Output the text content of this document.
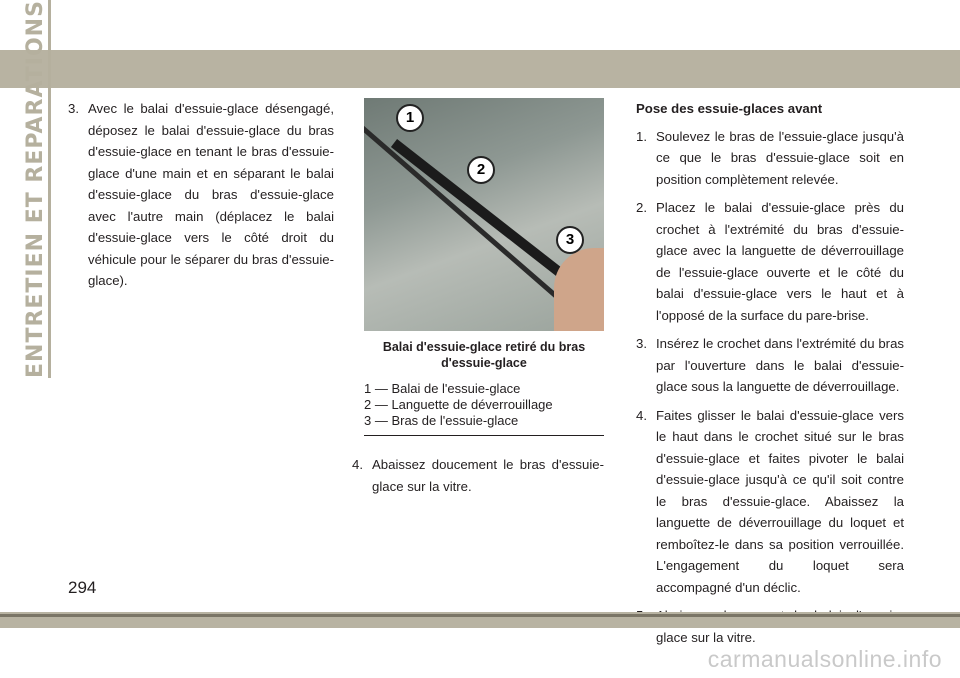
ENTRETIEN ET REPARATIONS 3. Avec le balai d'essuie-glace désengagé, déposez le balai d'essuie-glace du bras d'essuie-glace en tenant le bras d'essuie-glace d'une main et en séparant le balai d'essuie-glace du bras d'essuie-glace avec l'autre main (déplacez le balai d'essuie-glace vers le côté droit du véhicule pour le séparer du bras d'essuie-glace).
1
2
3
Balai d'essuie-glace retiré du bras d'essuie-glace
1 — Balai de l'essuie-glace
2 — Languette de déverrouillage
3 — Bras de l'essuie-glace
4. Abaissez doucement le bras d'essuie-glace sur la vitre.
Pose des essuie-glaces avant
1. Soulevez le bras de l'essuie-glace jusqu'à ce que le bras d'essuie-glace soit en position complètement relevée.
2. Placez le balai d'essuie-glace près du crochet à l'extrémité du bras d'essuie-glace avec la languette de déverrouillage de l'essuie-glace ouverte et le côté du balai d'essuie-glace vers le haut et à l'opposé de la surface du pare-brise.
3. Insérez le crochet dans l'extrémité du bras par l'ouverture dans le balai d'essuie-glace sous la languette de déverrouillage.
4. Faites glisser le balai d'essuie-glace vers le haut dans le crochet situé sur le bras d'essuie-glace et faites pivoter le balai d'essuie-glace jusqu'à ce qu'il soit contre le bras d'essuie-glace. Abaissez la languette de déverrouillage du loquet et remboîtez-le dans sa position verrouillée. L'engagement du loquet sera accompagné d'un déclic.
glace sur la vitre.
294
carmanualsonline.info
